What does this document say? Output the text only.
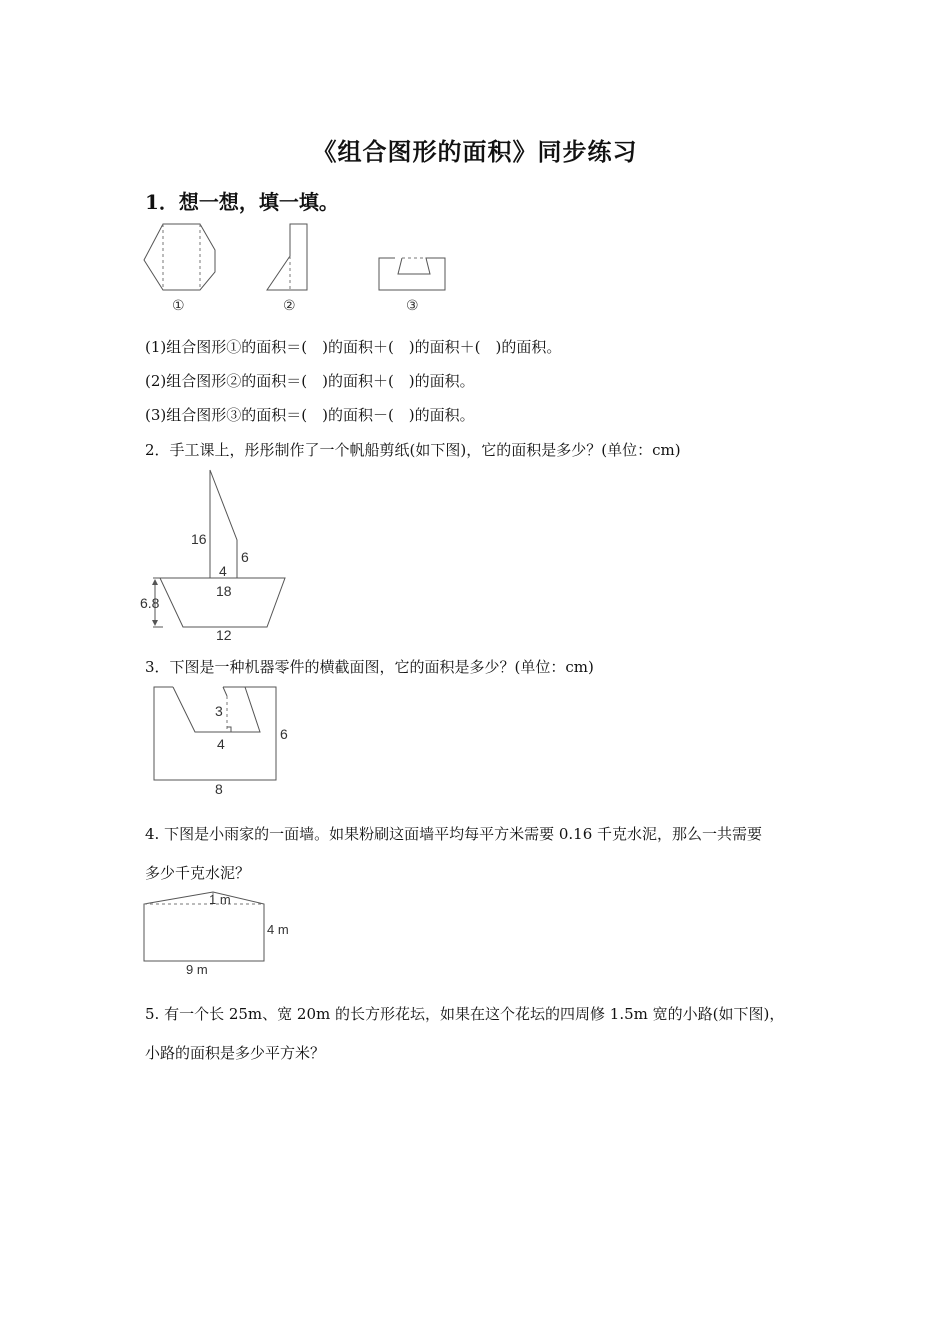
《组合图形的面积》同步练习
1．想一想，填一填。
①	②	③
(1)组合图形①的面积＝(　)的面积＋(　)的面积＋(　)的面积。
(2)组合图形②的面积＝(　)的面积＋(　)的面积。
(3)组合图形③的面积＝(　)的面积－(　)的面积。
2．手工课上，彤彤制作了一个帆船剪纸(如下图)，它的面积是多少？(单位：cm)
16
6
4
18
6.8
12
3．下图是一种机器零件的横截面图，它的面积是多少？(单位：cm)
3
4
6
8
4. 下图是小雨家的一面墙。如果粉刷这面墙平均每平方米需要 0.16 千克水泥，那么一共需要
多少千克水泥？
1 m
4 m
9 m
5. 有一个长 25m、宽 20m 的长方形花坛，如果在这个花坛的四周修 1.5m 宽的小路(如下图)，
小路的面积是多少平方米？
